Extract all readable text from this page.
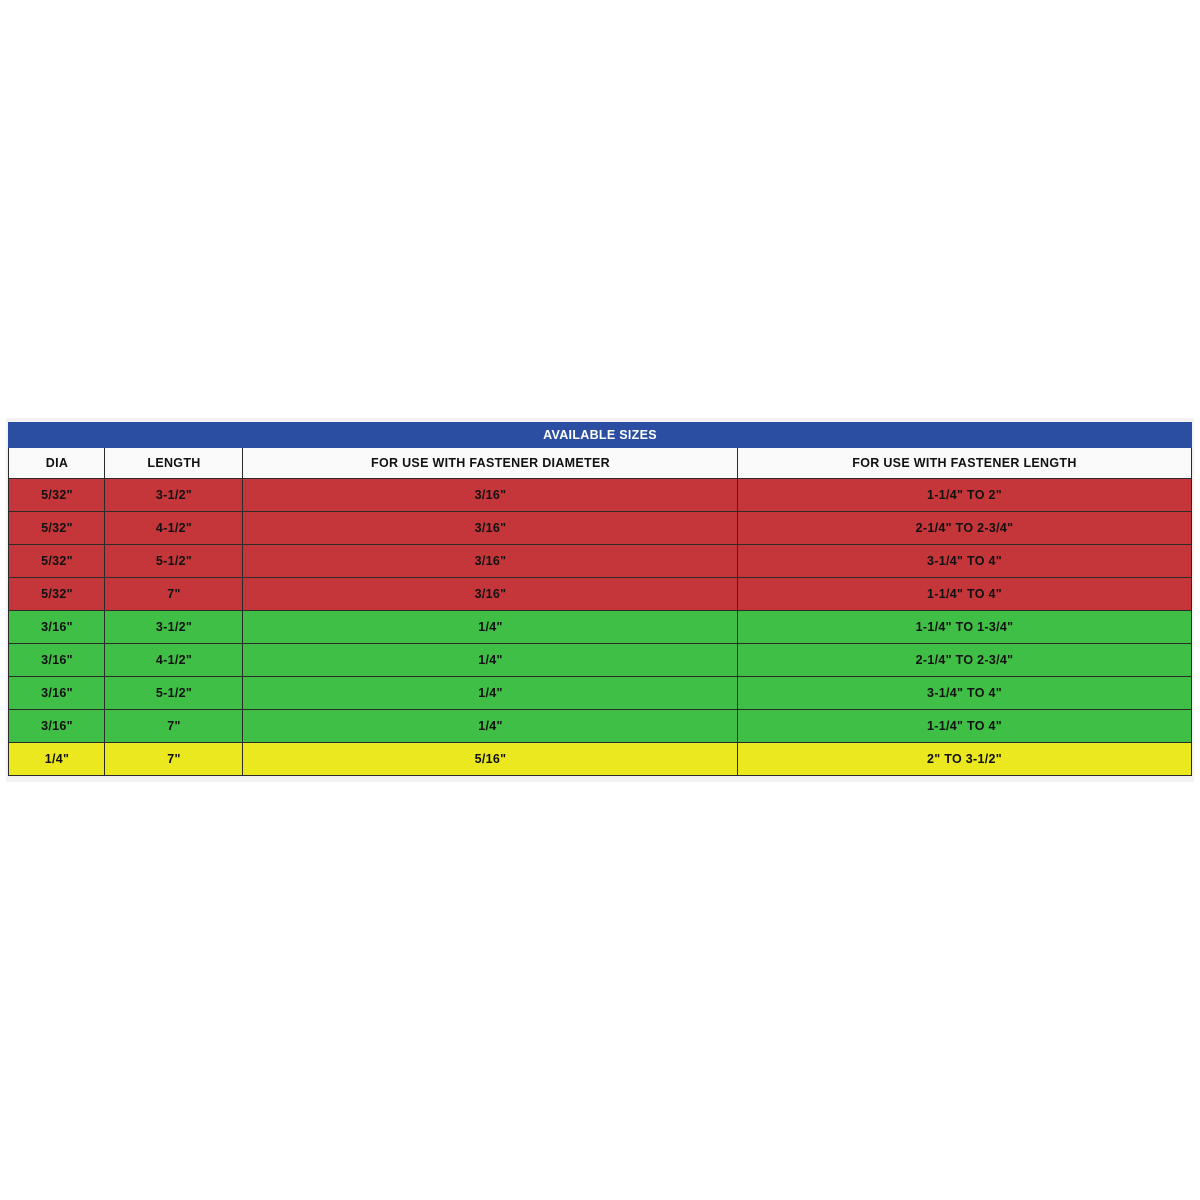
AVAILABLE SIZES			
DIA	LENGTH	FOR USE WITH FASTENER DIAMETER	FOR USE WITH FASTENER LENGTH
5/32"	3-1/2"	3/16"	1-1/4" TO 2"
5/32"	4-1/2"	3/16"	2-1/4" TO 2-3/4"
5/32"	5-1/2"	3/16"	3-1/4" TO 4"
5/32"	7"	3/16"	1-1/4" TO 4"
3/16"	3-1/2"	1/4"	1-1/4" TO 1-3/4"
3/16"	4-1/2"	1/4"	2-1/4" TO 2-3/4"
3/16"	5-1/2"	1/4"	3-1/4" TO 4"
3/16"	7"	1/4"	1-1/4" TO 4"
1/4"	7"	5/16"	2" TO 3-1/2"
